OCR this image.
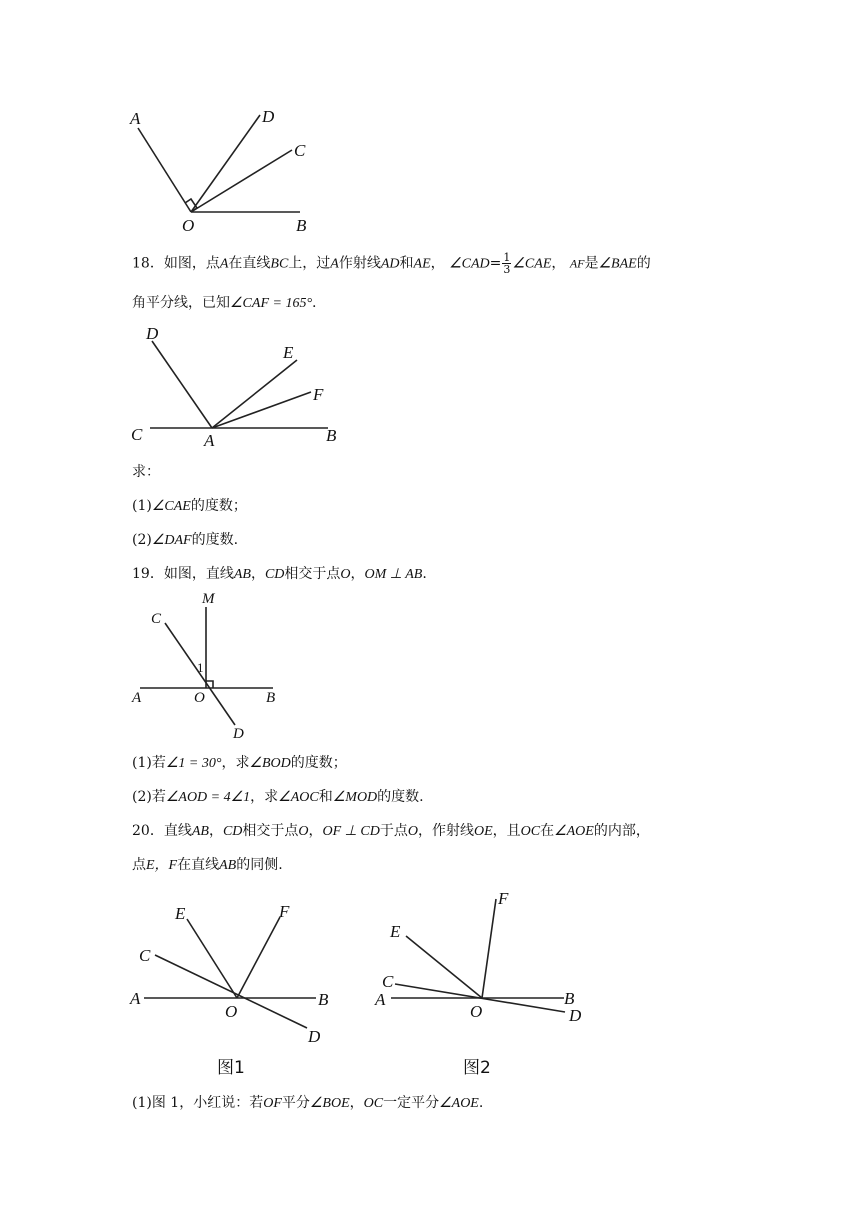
A	D
C
O	B
18．如图，点A在直线BC上，过A作射线AD和AE， ∠CAD= $\frac{1}{3}$ ∠CAE， AF是∠BAE的
角平分线，已知∠CAF = 165°.
D
E
F
C	A	B
求：
(1)∠CAE的度数；
(2)∠DAF的度数.
19．如图，直线AB，CD相交于点O，OM ⊥ AB.
M
C
1
A	O	B
D
(1)若∠1 = 30°，求∠BOD的度数；
(2)若∠AOD = 4∠1，求∠AOC和∠MOD的度数.
20．直线AB，CD相交于点O，OF ⊥ CD于点O，作射线OE，且OC在∠AOE的内部，
点E，F在直线AB的同侧.
E	F
C
A
O
B
D
图1
F
E
C
A
O
B
D
图2
(1)图 1，小红说：若OF平分∠BOE，OC一定平分∠AOE.
